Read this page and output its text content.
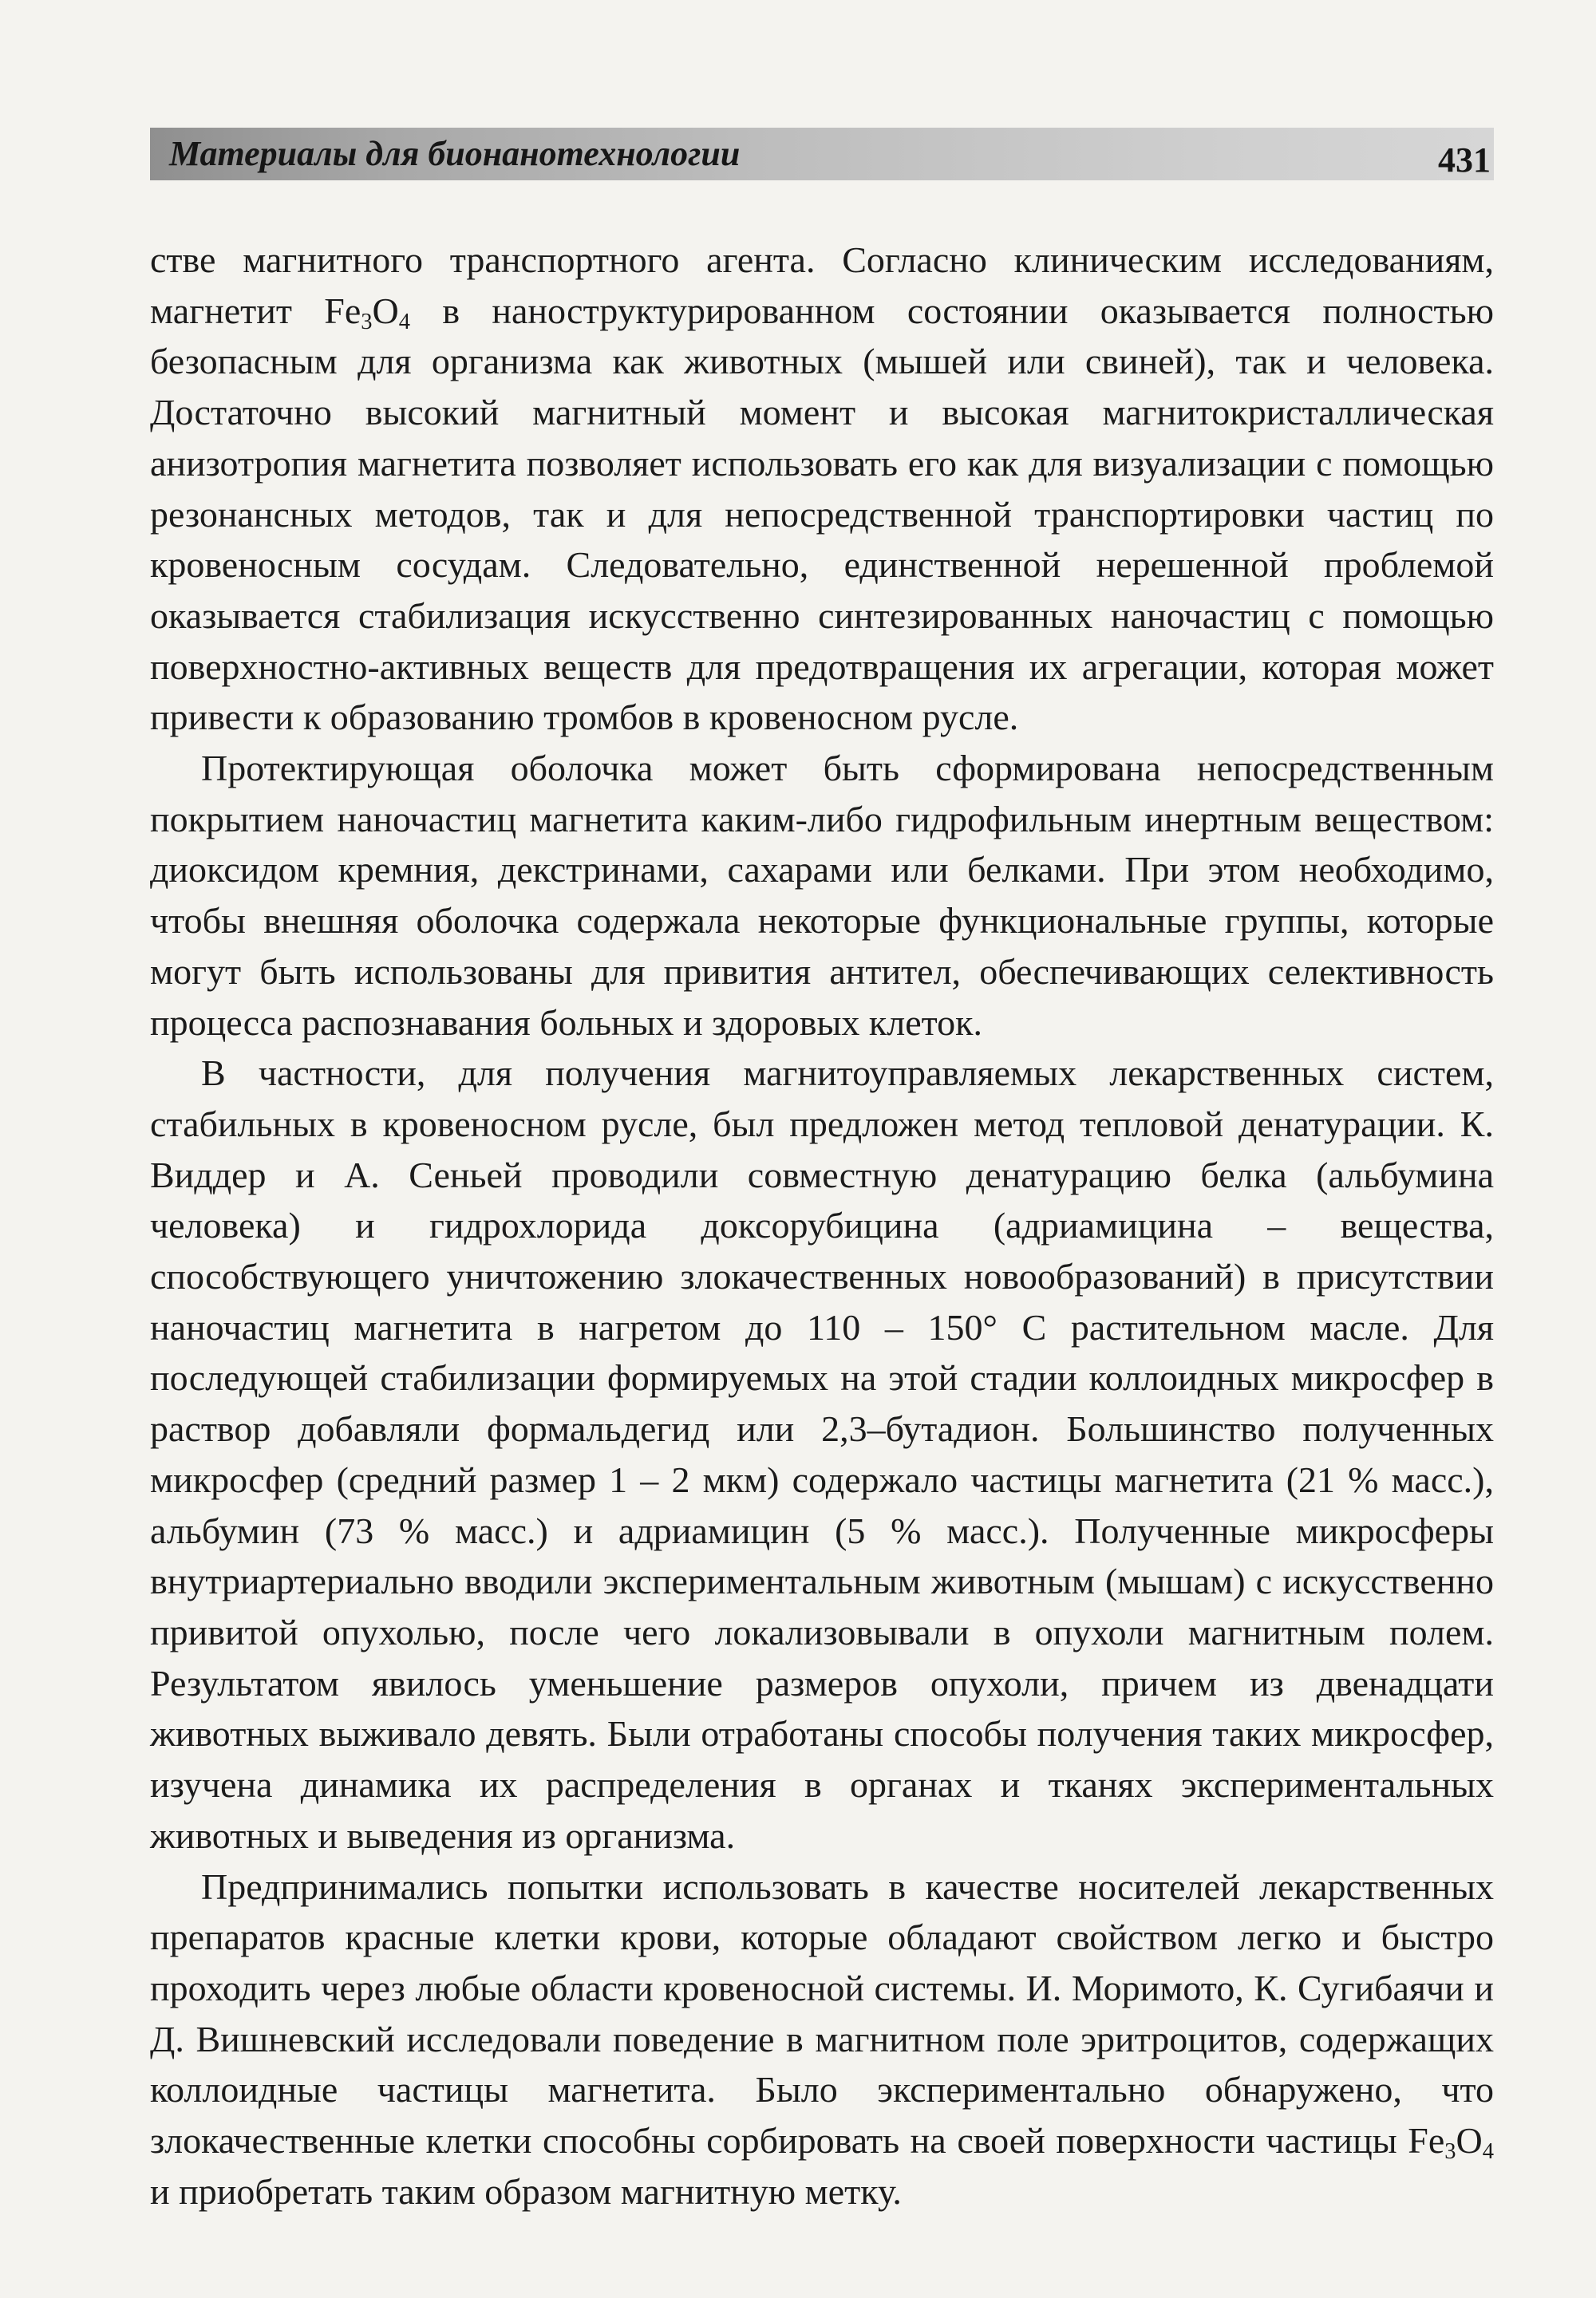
Материалы для бионанотехнологии	431

стве магнитного транспортного агента. Согласно клиническим исследованиям, магнетит $Fe_3O_4$ в наноструктурированном состоянии оказывается полностью безопасным для организма как животных (мышей или свиней), так и человека. Достаточно высокий магнитный момент и высокая магнитокристаллическая анизотропия магнетита позволяет использовать его как для визуализации с помощью резонансных методов, так и для непосредственной транспортировки частиц по кровеносным сосудам. Следовательно, единственной нерешенной проблемой оказывается стабилизация искусственно синтезированных наночастиц с помощью поверхностно-активных веществ для предотвращения их агрегации, которая может привести к образованию тромбов в кровеносном русле.

Протектирующая оболочка может быть сформирована непосредственным покрытием наночастиц магнетита каким-либо гидрофильным инертным веществом: диоксидом кремния, декстринами, сахарами или белками. При этом необходимо, чтобы внешняя оболочка содержала некоторые функциональные группы, которые могут быть использованы для привития антител, обеспечивающих селективность процесса распознавания больных и здоровых клеток.

В частности, для получения магнитоуправляемых лекарственных систем, стабильных в кровеносном русле, был предложен метод тепловой денатурации. К. Виддер и А. Сеньей проводили совместную денатурацию белка (альбумина человека) и гидрохлорида доксорубицина (адриамицина – вещества, способствующего уничтожению злокачественных новообразований) в присутствии наночастиц магнетита в нагретом до 110 – 150° С растительном масле. Для последующей стабилизации формируемых на этой стадии коллоидных микросфер в раствор добавляли формальдегид или 2,3–бутадион. Большинство полученных микросфер (средний размер 1 – 2 мкм) содержало частицы магнетита (21 % масс.), альбумин (73 % масс.) и адриамицин (5 % масс.). Полученные микросферы внутриартериально вводили экспериментальным животным (мышам) с искусственно привитой опухолью, после чего локализовывали в опухоли магнитным полем. Результатом явилось уменьшение размеров опухоли, причем из двенадцати животных выживало девять. Были отработаны способы получения таких микросфер, изучена динамика их распределения в органах и тканях экспериментальных животных и выведения из организма.

Предпринимались попытки использовать в качестве носителей лекарственных препаратов красные клетки крови, которые обладают свойством легко и быстро проходить через любые области кровеносной системы. И. Моримото, К. Сугибаячи и Д. Вишневский исследовали поведение в магнитном поле эритроцитов, содержащих коллоидные частицы магнетита. Было экспериментально обнаружено, что злокачественные клетки способны сорбировать на своей поверхности частицы $Fe_3O_4$ и приобретать таким образом магнитную метку.
